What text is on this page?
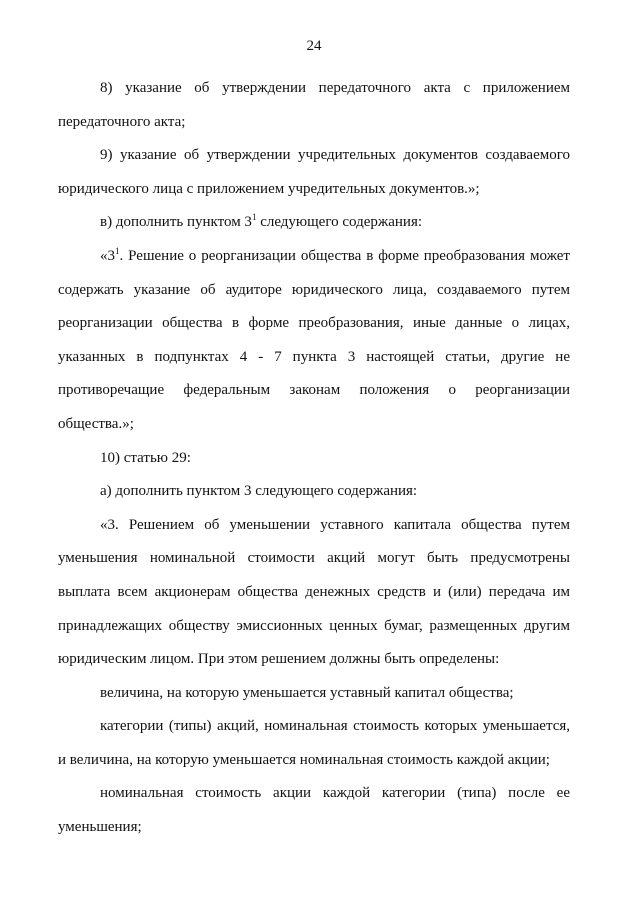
24

8) указание об утверждении передаточного акта с приложением передаточного акта;

9) указание об утверждении учредительных документов создаваемого юридического лица с приложением учредительных документов.»;

в) дополнить пунктом $3^1$ следующего содержания:

«$3^1$. Решение о реорганизации общества в форме преобразования может содержать указание об аудиторе юридического лица, создаваемого путем реорганизации общества в форме преобразования, иные данные о лицах, указанных в подпунктах 4 - 7 пункта 3 настоящей статьи, другие не противоречащие федеральным законам положения о реорганизации общества.»;

10) статью 29:

а) дополнить пунктом 3 следующего содержания:

«3. Решением об уменьшении уставного капитала общества путем уменьшения номинальной стоимости акций могут быть предусмотрены выплата всем акционерам общества денежных средств и (или) передача им принадлежащих обществу эмиссионных ценных бумаг, размещенных другим юридическим лицом. При этом решением должны быть определены:

величина, на которую уменьшается уставный капитал общества;

категории (типы) акций, номинальная стоимость которых уменьшается, и величина, на которую уменьшается номинальная стоимость каждой акции;

номинальная стоимость акции каждой категории (типа) после ее уменьшения;
